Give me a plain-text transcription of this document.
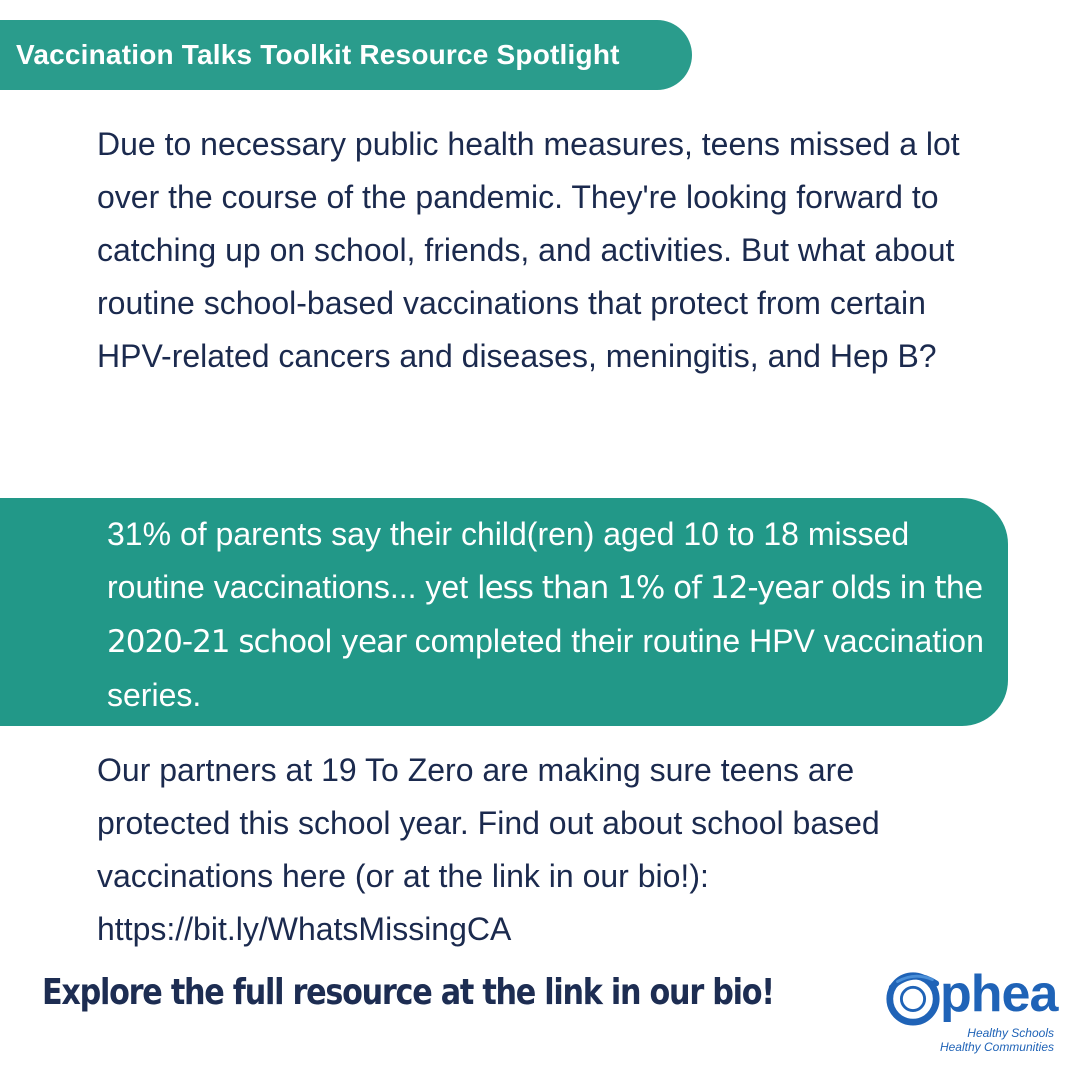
Vaccination Talks Toolkit Resource Spotlight

Due to necessary public health measures, teens missed a lot over the course of the pandemic. They're looking forward to catching up on school, friends, and activities. But what about routine school-based vaccinations that protect from certain HPV-related cancers and diseases, meningitis, and Hep B?

31% of parents say their child(ren) aged 10 to 18 missed routine vaccinations... yet less than 1% of 12-year olds in the 2020-21 school year completed their routine HPV vaccination series.

Our partners at 19 To Zero are making sure teens are protected this school year. Find out about school based vaccinations here (or at the link in our bio!): https://bit.ly/WhatsMissingCA

Explore the full resource at the link in our bio!	phea
Healthy Schools
Healthy Communities
